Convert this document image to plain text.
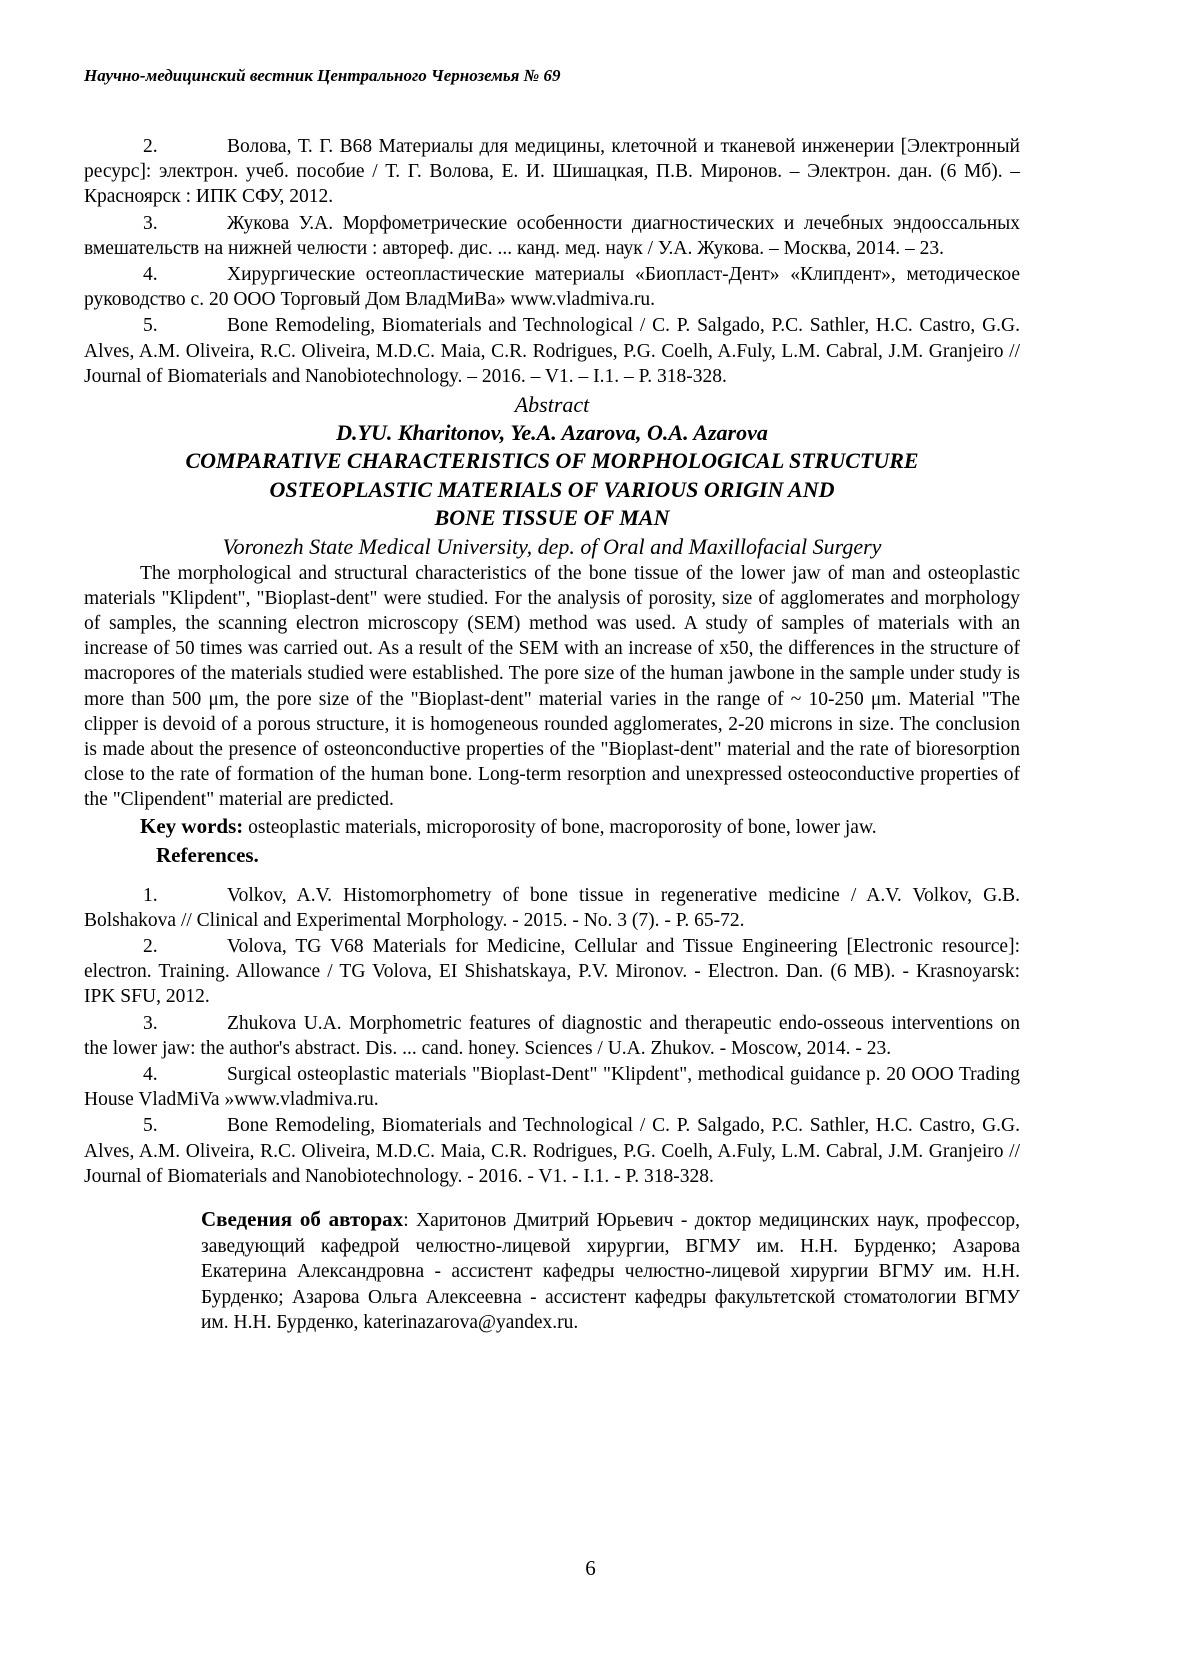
Научно-медицинский вестник Центрального Черноземья № 69

2.	Волова, Т. Г. В68 Материалы для медицины, клеточной и тканевой инженерии [Электронный ресурс]: электрон. учеб. пособие / Т. Г. Волова, Е. И. Шишацкая, П.В. Миронов. – Электрон. дан. (6 Мб). – Красноярск : ИПК СФУ, 2012.

3.	Жукова У.А. Морфометрические особенности диагностических и лечебных эндооссальных вмешательств на нижней челюсти : автореф. дис. ... канд. мед. наук / У.А. Жукова. – Москва, 2014. – 23.

4.	Хирургические остеопластические материалы «Биопласт-Дент» «Клипдент», методическое руководство с. 20 ООО Торговый Дом ВладМиВа» www.vladmiva.ru.

5.	Bone Remodeling, Biomaterials and Technological / C. P. Salgado, P.C. Sathler, H.C. Castro, G.G. Alves, A.M. Oliveira, R.C. Oliveira, M.D.C. Maia, C.R. Rodrigues, P.G. Coelh, A.Fuly, L.M. Cabral, J.M. Granjeiro // Journal of Biomaterials and Nanobiotechnology. – 2016. – V1. – I.1. – P. 318-328.

Abstract
D.YU. Kharitonov, Ye.A. Azarova, O.A. Azarova
COMPARATIVE CHARACTERISTICS OF MORPHOLOGICAL STRUCTURE
OSTEOPLASTIC MATERIALS OF VARIOUS ORIGIN AND
BONE TISSUE OF MAN
Voronezh State Medical University, dep. of Oral and Maxillofacial Surgery

The morphological and structural characteristics of the bone tissue of the lower jaw of man and osteoplastic materials "Klipdent", "Bioplast-dent" were studied. For the analysis of porosity, size of agglomerates and morphology of samples, the scanning electron microscopy (SEM) method was used. A study of samples of materials with an increase of 50 times was carried out. As a result of the SEM with an increase of x50, the differences in the structure of macropores of the materials studied were established. The pore size of the human jawbone in the sample under study is more than 500 μm, the pore size of the "Bioplast-dent" material varies in the range of ~ 10-250 μm. Material "The clipper is devoid of a porous structure, it is homogeneous rounded agglomerates, 2-20 microns in size. The conclusion is made about the presence of osteonconductive properties of the "Bioplast-dent" material and the rate of bioresorption close to the rate of formation of the human bone. Long-term resorption and unexpressed osteoconductive properties of the "Clipendent" material are predicted.

Key words: osteoplastic materials, microporosity of bone, macroporosity of bone, lower jaw.

References.

1.	Volkov, A.V. Histomorphometry of bone tissue in regenerative medicine / A.V. Volkov, G.B. Bolshakova // Clinical and Experimental Morphology. - 2015. - No. 3 (7). - P. 65-72.

2.	Volova, TG V68 Materials for Medicine, Cellular and Tissue Engineering [Electronic resource]: electron. Training. Allowance / TG Volova, EI Shishatskaya, P.V. Mironov. - Electron. Dan. (6 MB). - Krasnoyarsk: IPK SFU, 2012.

3.	Zhukova U.A. Morphometric features of diagnostic and therapeutic endo-osseous interventions on the lower jaw: the author's abstract. Dis. ... cand. honey. Sciences / U.A. Zhukov. - Moscow, 2014. - 23.

4.	Surgical osteoplastic materials "Bioplast-Dent" "Klipdent", methodical guidance p. 20 OOO Trading House VladMiVa »www.vladmiva.ru.

5.	Bone Remodeling, Biomaterials and Technological / C. P. Salgado, P.C. Sathler, H.C. Castro, G.G. Alves, A.M. Oliveira, R.C. Oliveira, M.D.C. Maia, C.R. Rodrigues, P.G. Coelh, A.Fuly, L.M. Cabral, J.M. Granjeiro // Journal of Biomaterials and Nanobiotechnology. - 2016. - V1. - I.1. - P. 318-328.

Сведения об авторах: Харитонов Дмитрий Юрьевич - доктор медицинских наук, профессор, заведующий кафедрой челюстно-лицевой хирургии, ВГМУ им. Н.Н. Бурденко; Азарова Екатерина Александровна - ассистент кафедры челюстно-лицевой хирургии ВГМУ им. Н.Н. Бурденко; Азарова Ольга Алексеевна - ассистент кафедры факультетской стоматологии ВГМУ им. Н.Н. Бурденко, katerinazarova@yandex.ru.

6
